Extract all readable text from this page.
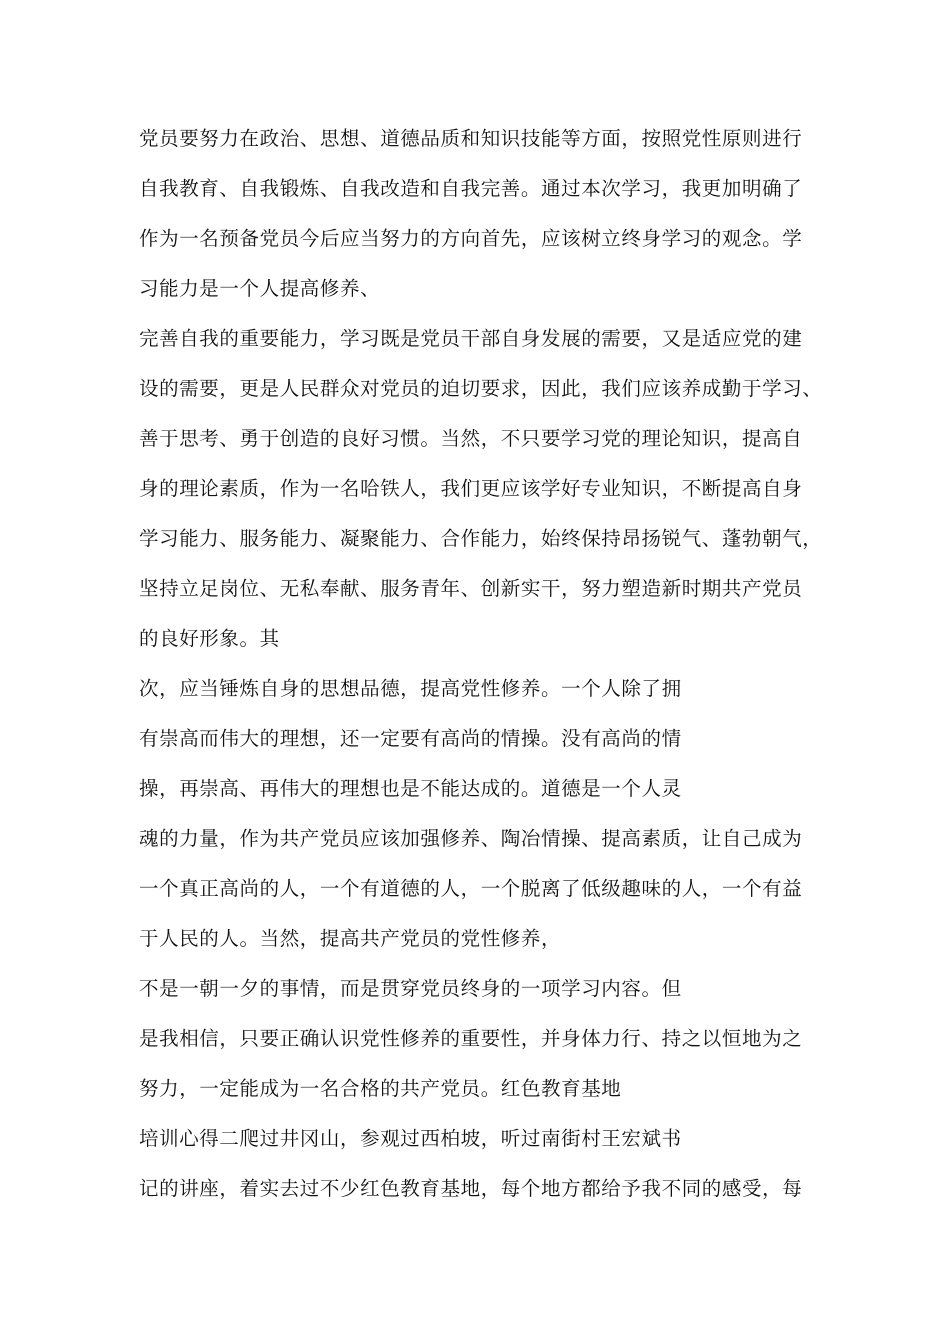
党员要努力在政治、思想、道德品质和知识技能等方面，按照党性原则进行
自我教育、自我锻炼、自我改造和自我完善。通过本次学习，我更加明确了
作为一名预备党员今后应当努力的方向首先，应该树立终身学习的观念。学
习能力是一个人提高修养、
完善自我的重要能力，学习既是党员干部自身发展的需要，又是适应党的建
设的需要，更是人民群众对党员的迫切要求，因此，我们应该养成勤于学习、
善于思考、勇于创造的良好习惯。当然，不只要学习党的理论知识，提高自
身的理论素质，作为一名哈铁人，我们更应该学好专业知识，不断提高自身
学习能力、服务能力、凝聚能力、合作能力，始终保持昂扬锐气、蓬勃朝气，
坚持立足岗位、无私奉献、服务青年、创新实干，努力塑造新时期共产党员
的良好形象。其
次，应当锤炼自身的思想品德，提高党性修养。一个人除了拥
有崇高而伟大的理想，还一定要有高尚的情操。没有高尚的情
操，再崇高、再伟大的理想也是不能达成的。道德是一个人灵
魂的力量，作为共产党员应该加强修养、陶冶情操、提高素质，让自己成为
一个真正高尚的人，一个有道德的人，一个脱离了低级趣味的人，一个有益
于人民的人。当然，提高共产党员的党性修养，
不是一朝一夕的事情，而是贯穿党员终身的一项学习内容。但
是我相信，只要正确认识党性修养的重要性，并身体力行、持之以恒地为之
努力，一定能成为一名合格的共产党员。红色教育基地
培训心得二爬过井冈山，参观过西柏坡，听过南街村王宏斌书
记的讲座，着实去过不少红色教育基地，每个地方都给予我不同的感受，每
